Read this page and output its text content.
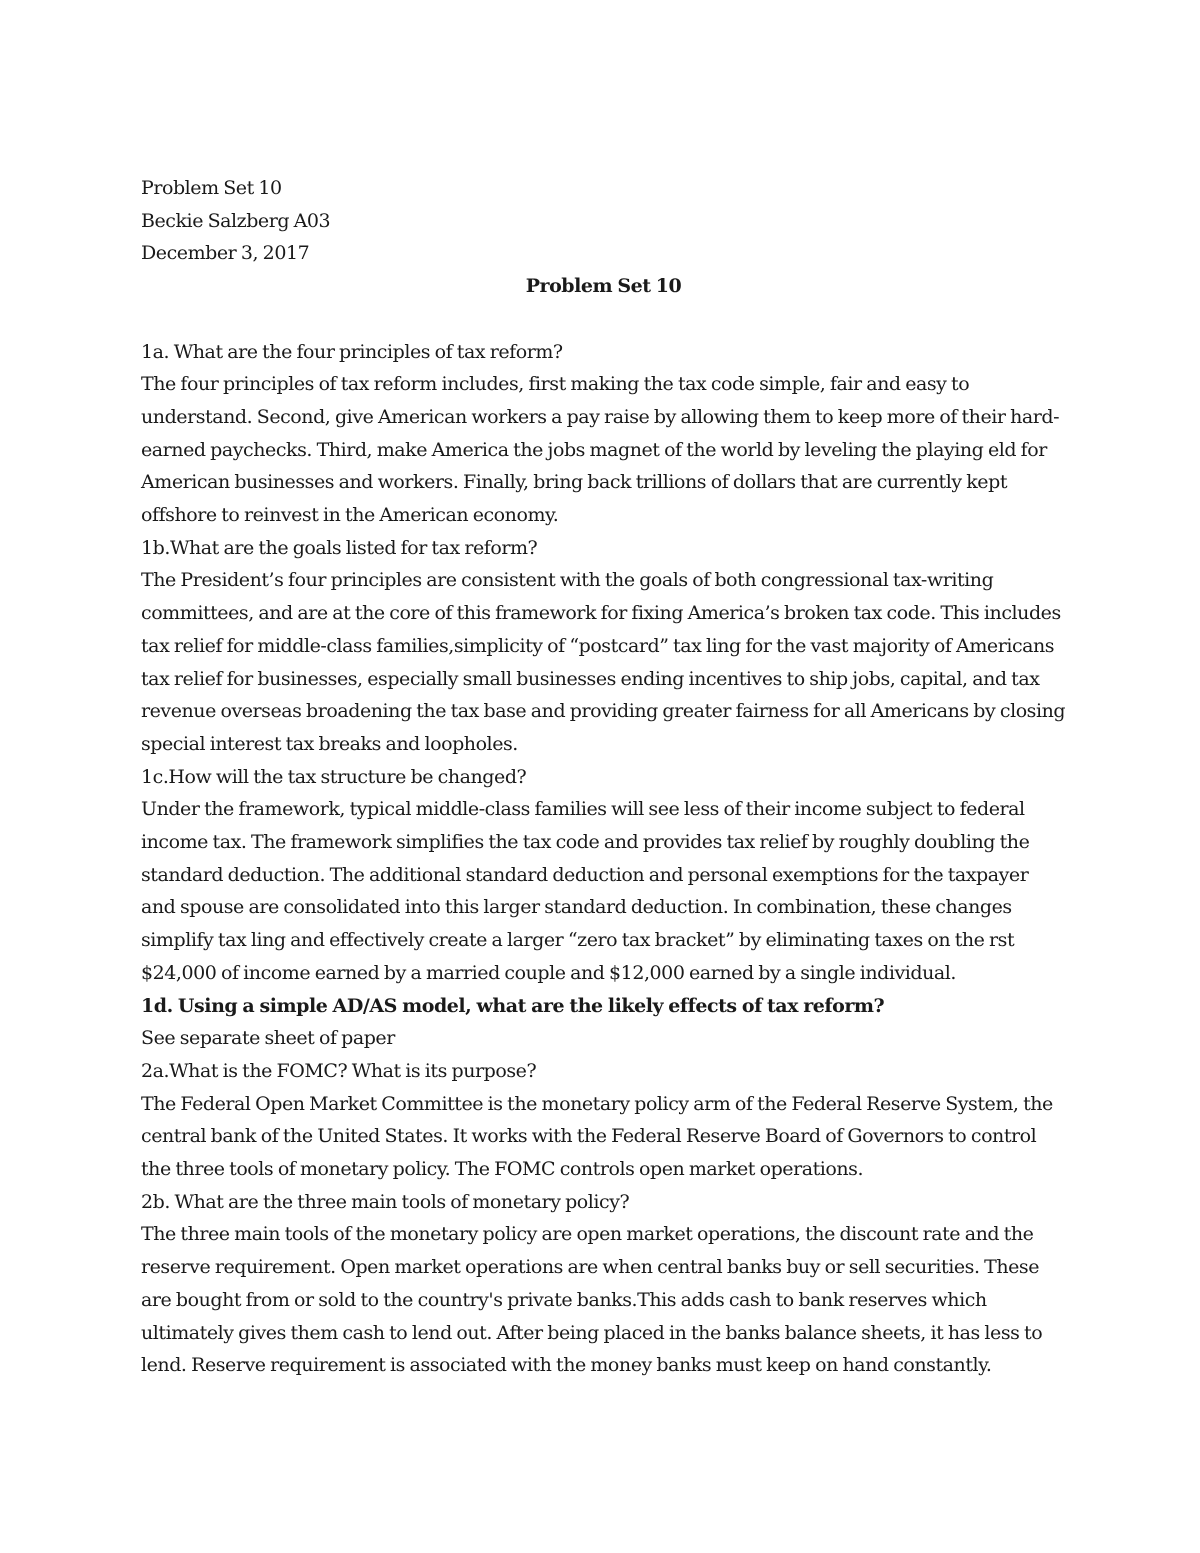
Problem Set 10
Beckie Salzberg A03
December 3, 2017
Problem Set 10

1a. What are the four principles of tax reform?

The four principles of tax reform includes, first making the tax code simple, fair and easy to understand. Second, give American workers a pay raise by allowing them to keep more of their hard-earned paychecks. Third, make America the jobs magnet of the world by leveling the playing eld for American businesses and workers. Finally, bring back trillions of dollars that are currently kept offshore to reinvest in the American economy.

1b.What are the goals listed for tax reform?

The President’s four principles are consistent with the goals of both congressional tax-writing committees, and are at the core of this framework for fixing America’s broken tax code. This includes tax relief for middle-class families,simplicity of “postcard” tax ling for the vast majority of Americans tax relief for businesses, especially small businesses ending incentives to ship jobs, capital, and tax revenue overseas broadening the tax base and providing greater fairness for all Americans by closing special interest tax breaks and loopholes.

1c.How will the tax structure be changed?

Under the framework, typical middle-class families will see less of their income subject to federal income tax. The framework simplifies the tax code and provides tax relief by roughly doubling the standard deduction. The additional standard deduction and personal exemptions for the taxpayer and spouse are consolidated into this larger standard deduction. In combination, these changes simplify tax ling and effectively create a larger “zero tax bracket” by eliminating taxes on the rst $24,000 of income earned by a married couple and $12,000 earned by a single individual.

1d. Using a simple AD/AS model, what are the likely effects of tax reform?

See separate sheet of paper

2a.What is the FOMC? What is its purpose?

The Federal Open Market Committee is the monetary policy arm of the Federal Reserve System, the central bank of the United States. It works with the Federal Reserve Board of Governors to control the three tools of monetary policy. The FOMC controls open market operations.

2b. What are the three main tools of monetary policy?

The three main tools of the monetary policy are open market operations, the discount rate and the reserve requirement. Open market operations are when central banks buy or sell securities. These are bought from or sold to the country's private banks.This adds cash to bank reserves which ultimately gives them cash to lend out. After being placed in the banks balance sheets, it has less to lend. Reserve requirement is associated with the money banks must keep on hand constantly.
